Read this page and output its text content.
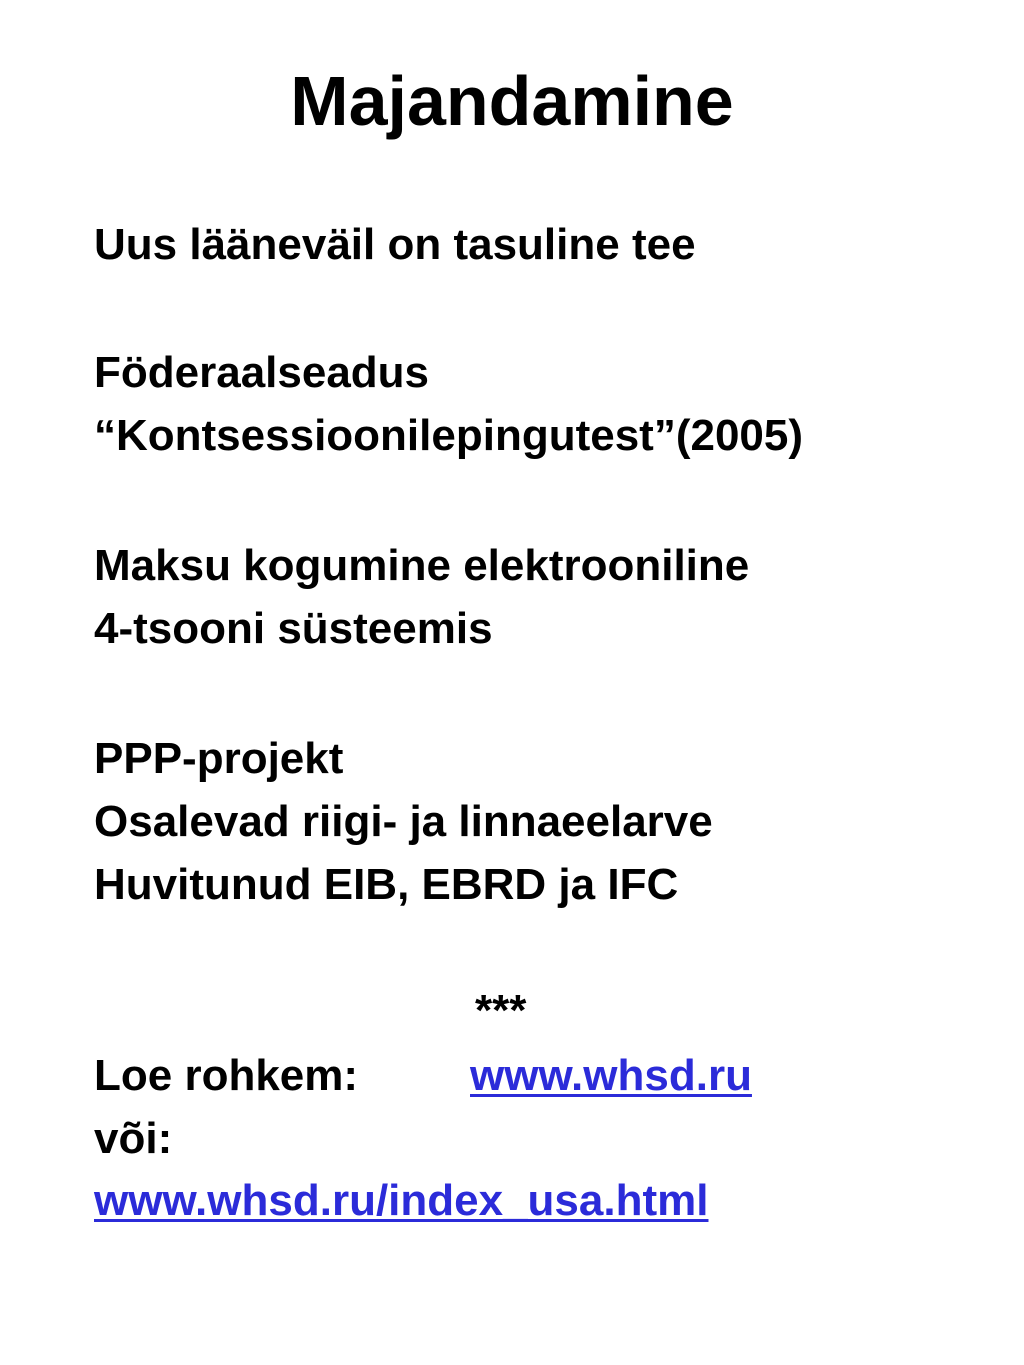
Majandamine
Uus läänevӓil on tasuline tee
Föderaalseadus
“Kontsessioonilepingutest”(2005)
Maksu kogumine elektrooniline
4-tsooni süsteemis
PPP-projekt
Osalevad riigi- ja linnaeelarve
Huvitunud EIB, EBRD ja IFC
***
Loe rohkem:	www.whsd.ru
või:
www.whsd.ru/index_usa.html
